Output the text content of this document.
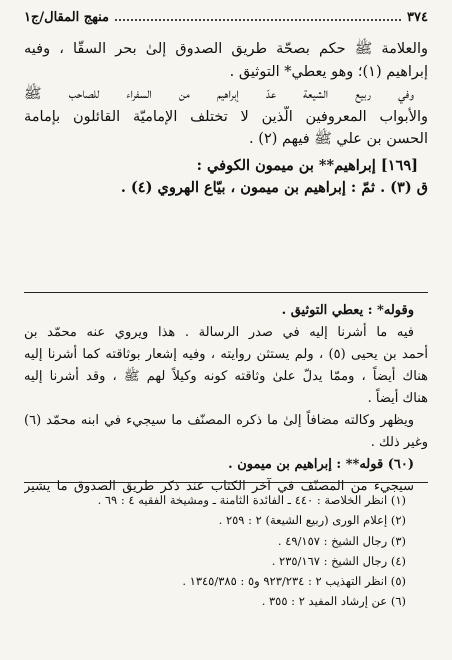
٣٧٤
منهج المقال/ج١
والعلامة ﷺ حكم بصحّة طريق الصدوق إلىٰ بحر السقّا ، وفيه
إبراهيم (١)؛ وهو يعطي* التوثيق .
وفي ربيع الشيعة عدّ إبراهيم من السفراء للصاحب ﷺ
والأبواب المعروفين الّذين لا تختلف الإماميّة القائلون بإمامة
الحسن بن علي ﷺ فيهم (٢) .
[١٦٩] إبراهيم** بن ميمون الكوفي :
ق (٣) . ثمّ : إبراهيم بن ميمون ، بيّاع الهروي (٤) .
وقوله* : يعطي التوثيق .
فيه ما أشرنا إليه في صدر الرسالة . هذا ويروي عنه محمّد بن
أحمد بن يحيى (٥) ، ولم يستثن روايته ، وفيه إشعار بوثاقته كما أشرنا إليه
هناك أيضاً ، وممّا يدلّ علىٰ وثاقته كونه وكيلاً لهم ﷺ ، وقد أشرنا إليه
هناك أيضاً .
ويظهر وكالته مضافاً إلىٰ ما ذكره المصنّف ما سيجيء في ابنه محمّد (٦)
وغير ذلك .
(٦٠) قوله** : إبراهيم بن ميمون .
سيجيء من المصنّف في آخر الكتاب عند ذكر طريق الصدوق ما يشير
(١) انظر الخلاصة : ٤٤٠ ـ الفائدة الثامنة ـ ومشيخة الفقيه ٤ : ٦٩ .
(٢) إعلام الورى (ربيع الشيعة) ٢ : ٢٥٩ .
(٣) رجال الشيخ : ٤٩/١٥٧ .
(٤) رجال الشيخ : ٢٣٥/١٦٧ .
(٥) انظر التهذيب ٢ : ٩٢٣/٢٣٤ و٥ : ١٣٤٥/٣٨٥ .
(٦) عن إرشاد المفيد ٢ : ٣٥٥ .
